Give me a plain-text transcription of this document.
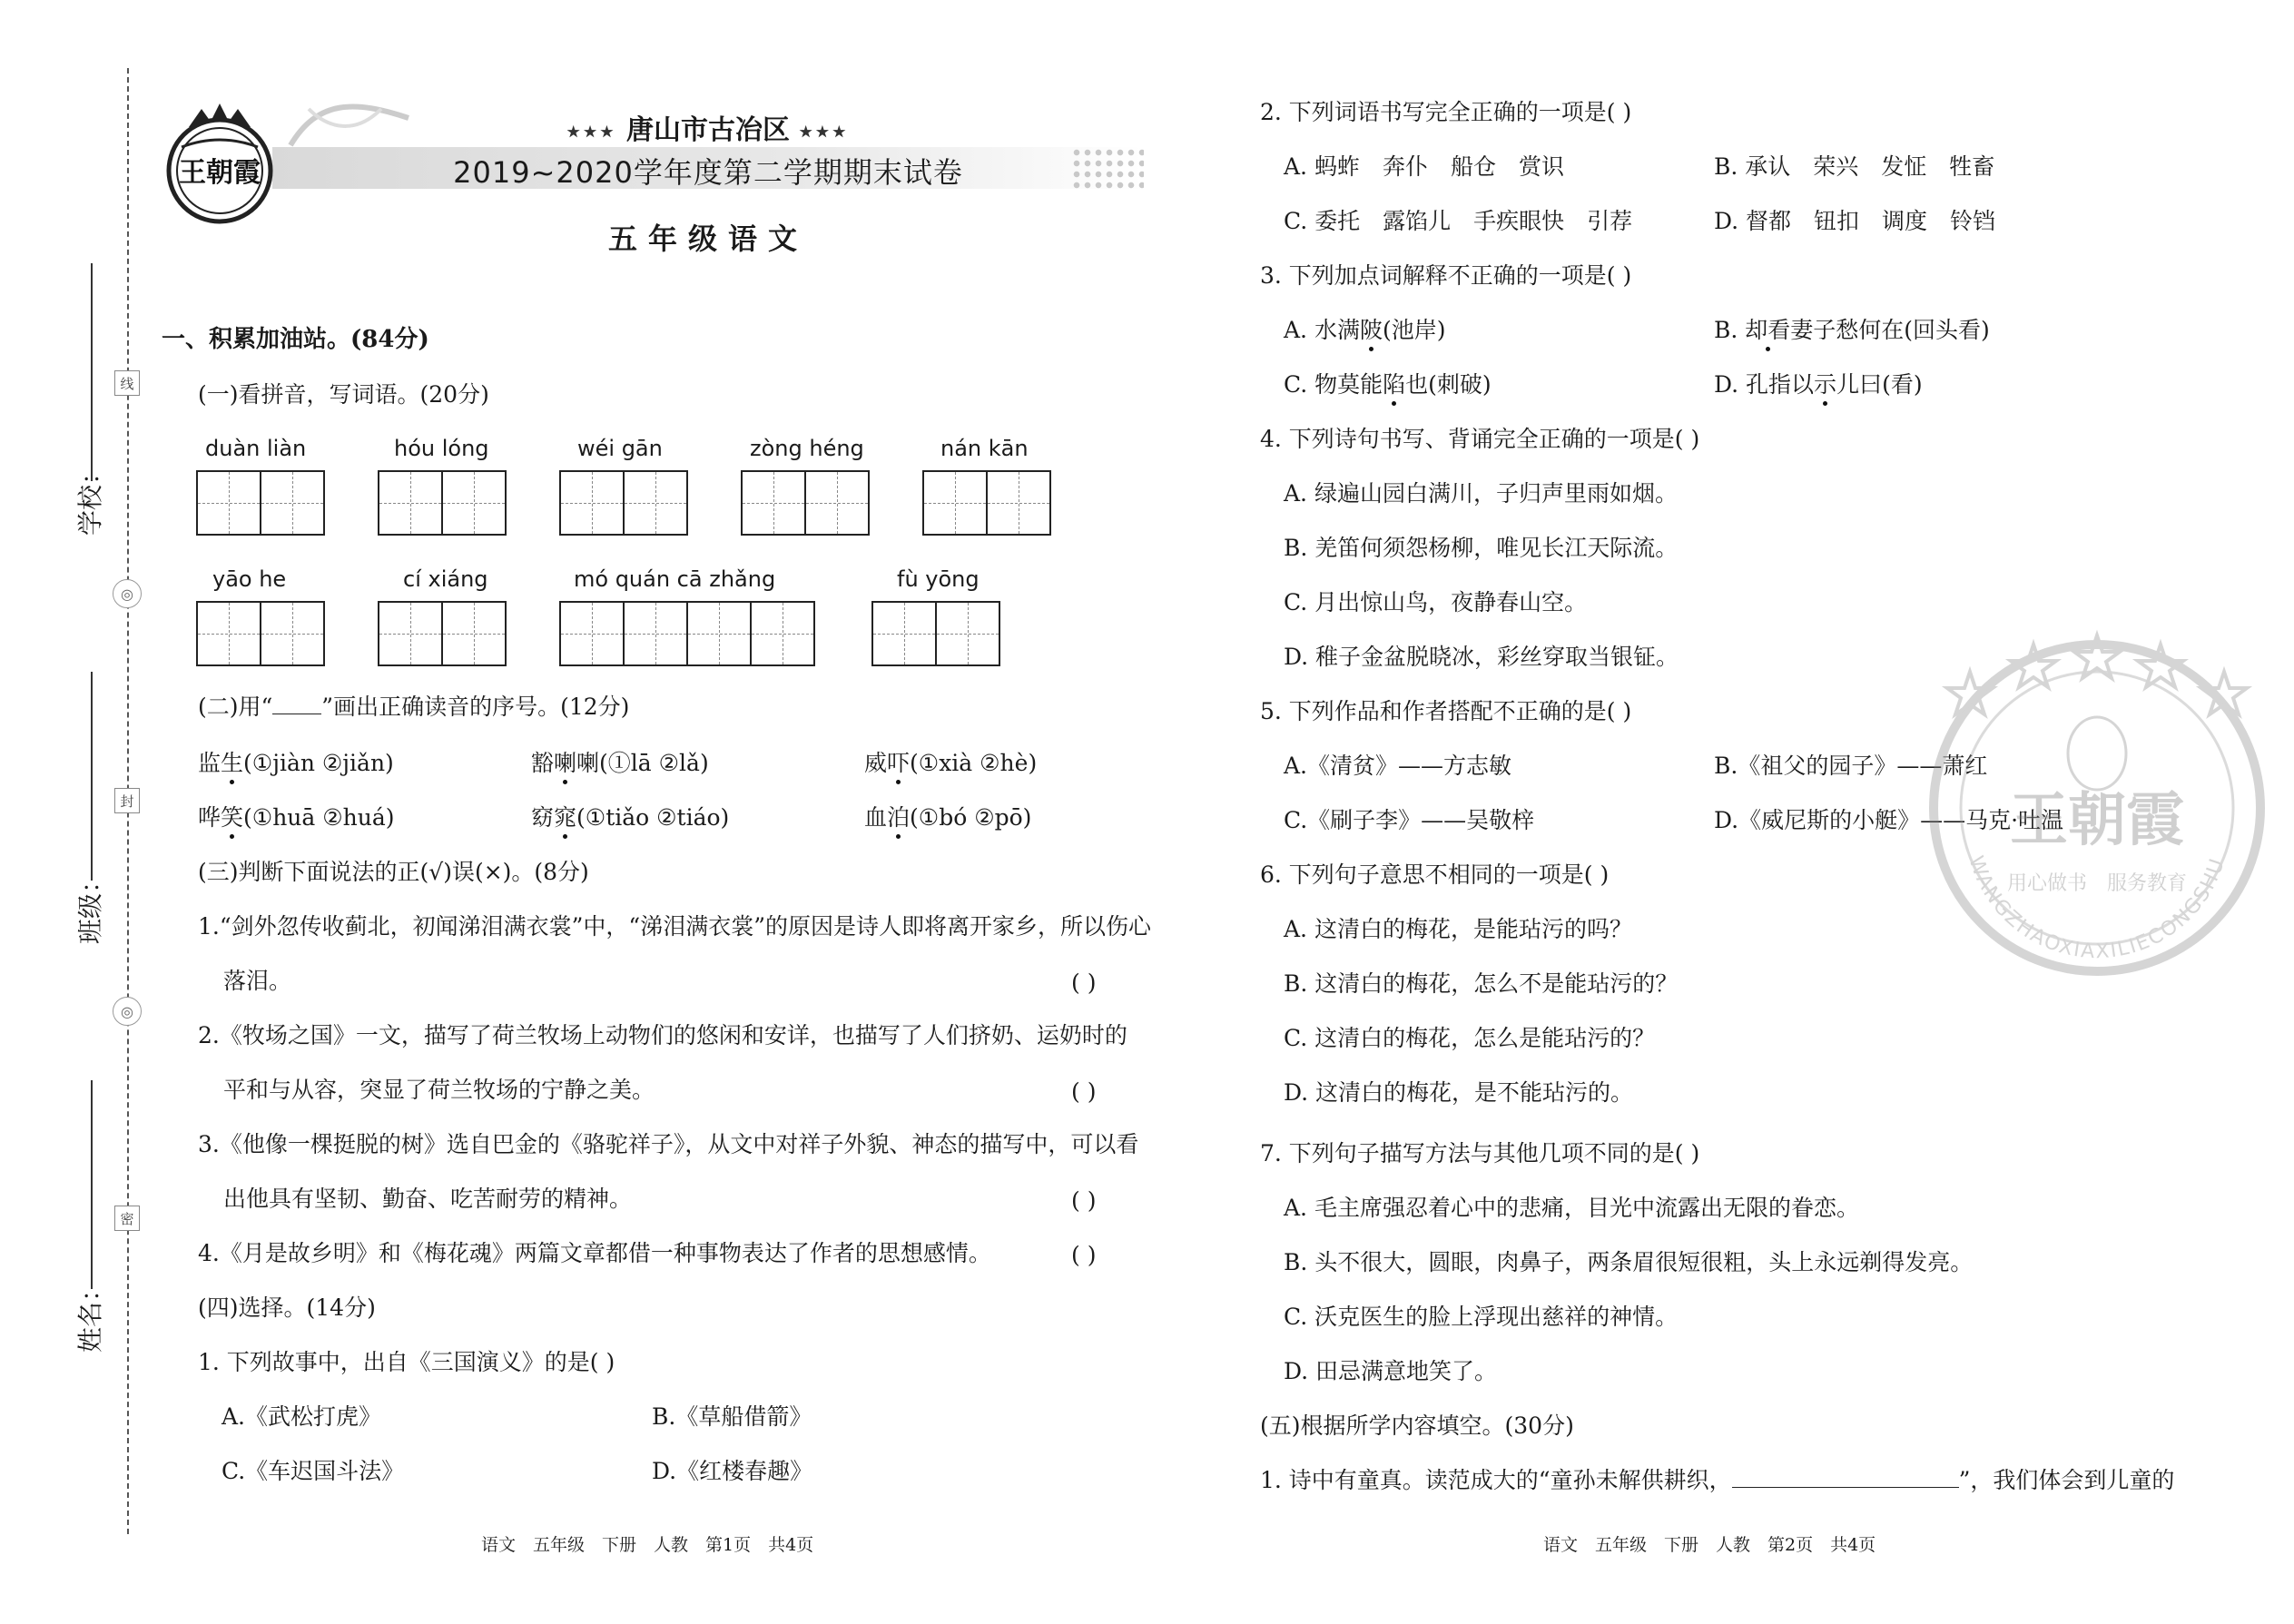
线
◎
封
◎
密
学校：
班级：
姓名：
王朝霞
★★★ 唐山市古冶区 ★★★
2019~2020学年度第二学期期末试卷
五年级语文
一、积累加油站。(84分)
(一)看拼音，写词语。(20分)
duàn liàn	hóu lóng	wéi gān	zòng héng	nán kān
yāo he	cí xiáng	mó quán cā zhǎng	fù yōng
(二)用“ ”画出正确读音的序号。(12分)
监生(①jiàn ②jiǎn)	豁喇喇(①lā ②lǎ)	威吓(①xià ②hè)
哗笑(①huā ②huá)	窈窕(①tiǎo ②tiáo)	血泊(①bó ②pō)
(三)判断下面说法的正(√)误(×)。(8分)
1.“剑外忽传收蓟北，初闻涕泪满衣裳”中，“涕泪满衣裳”的原因是诗人即将离开家乡，所以伤心
落泪。	( )
2.《牧场之国》一文，描写了荷兰牧场上动物们的悠闲和安详，也描写了人们挤奶、运奶时的
平和与从容，突显了荷兰牧场的宁静之美。	( )
3.《他像一棵挺脱的树》选自巴金的《骆驼祥子》，从文中对祥子外貌、神态的描写中，可以看
出他具有坚韧、勤奋、吃苦耐劳的精神。	( )
4.《月是故乡明》和《梅花魂》两篇文章都借一种事物表达了作者的思想感情。	( )
(四)选择。(14分)
1. 下列故事中，出自《三国演义》的是( )
A.《武松打虎》	B.《草船借箭》
C.《车迟国斗法》	D.《红楼春趣》
2. 下列词语书写完全正确的一项是( )
A. 蚂蚱　奔仆　船仓　赏识	B. 承认　荣兴　发怔　牲畜
C. 委托　露馅儿　手疾眼快　引荐	D. 督都　钮扣　调度　铃铛
3. 下列加点词解释不正确的一项是( )
A. 水满陂(池岸)	B. 却看妻子愁何在(回头看)
C. 物莫能陷也(刺破)	D. 孔指以示儿曰(看)
4. 下列诗句书写、背诵完全正确的一项是( )
A. 绿遍山园白满川，子归声里雨如烟。
B. 羌笛何须怨杨柳，唯见长江天际流。
C. 月出惊山鸟，夜静春山空。
D. 稚子金盆脱晓冰，彩丝穿取当银钲。
5. 下列作品和作者搭配不正确的是( )
A.《清贫》——方志敏	B.《祖父的园子》——萧红
C.《刷子李》——吴敬梓	D.《威尼斯的小艇》——马克·吐温
6. 下列句子意思不相同的一项是( )
A. 这清白的梅花，是能玷污的吗？
B. 这清白的梅花，怎么不是能玷污的？
C. 这清白的梅花，怎么是能玷污的？
D. 这清白的梅花，是不能玷污的。
7. 下列句子描写方法与其他几项不同的是( )
A. 毛主席强忍着心中的悲痛，目光中流露出无限的眷恋。
B. 头不很大，圆眼，肉鼻子，两条眉很短很粗，头上永远剃得发亮。
C. 沃克医生的脸上浮现出慈祥的神情。
D. 田忌满意地笑了。
(五)根据所学内容填空。(30分)
1. 诗中有童真。读范成大的“童孙未解供耕织，	”，我们体会到儿童的
王朝霞
用心做书　服务教育
WANGZHAOXIAXILIECONGSHU
语文　五年级　下册　人教　第1页　共4页	语文　五年级　下册　人教　第2页　共4页
